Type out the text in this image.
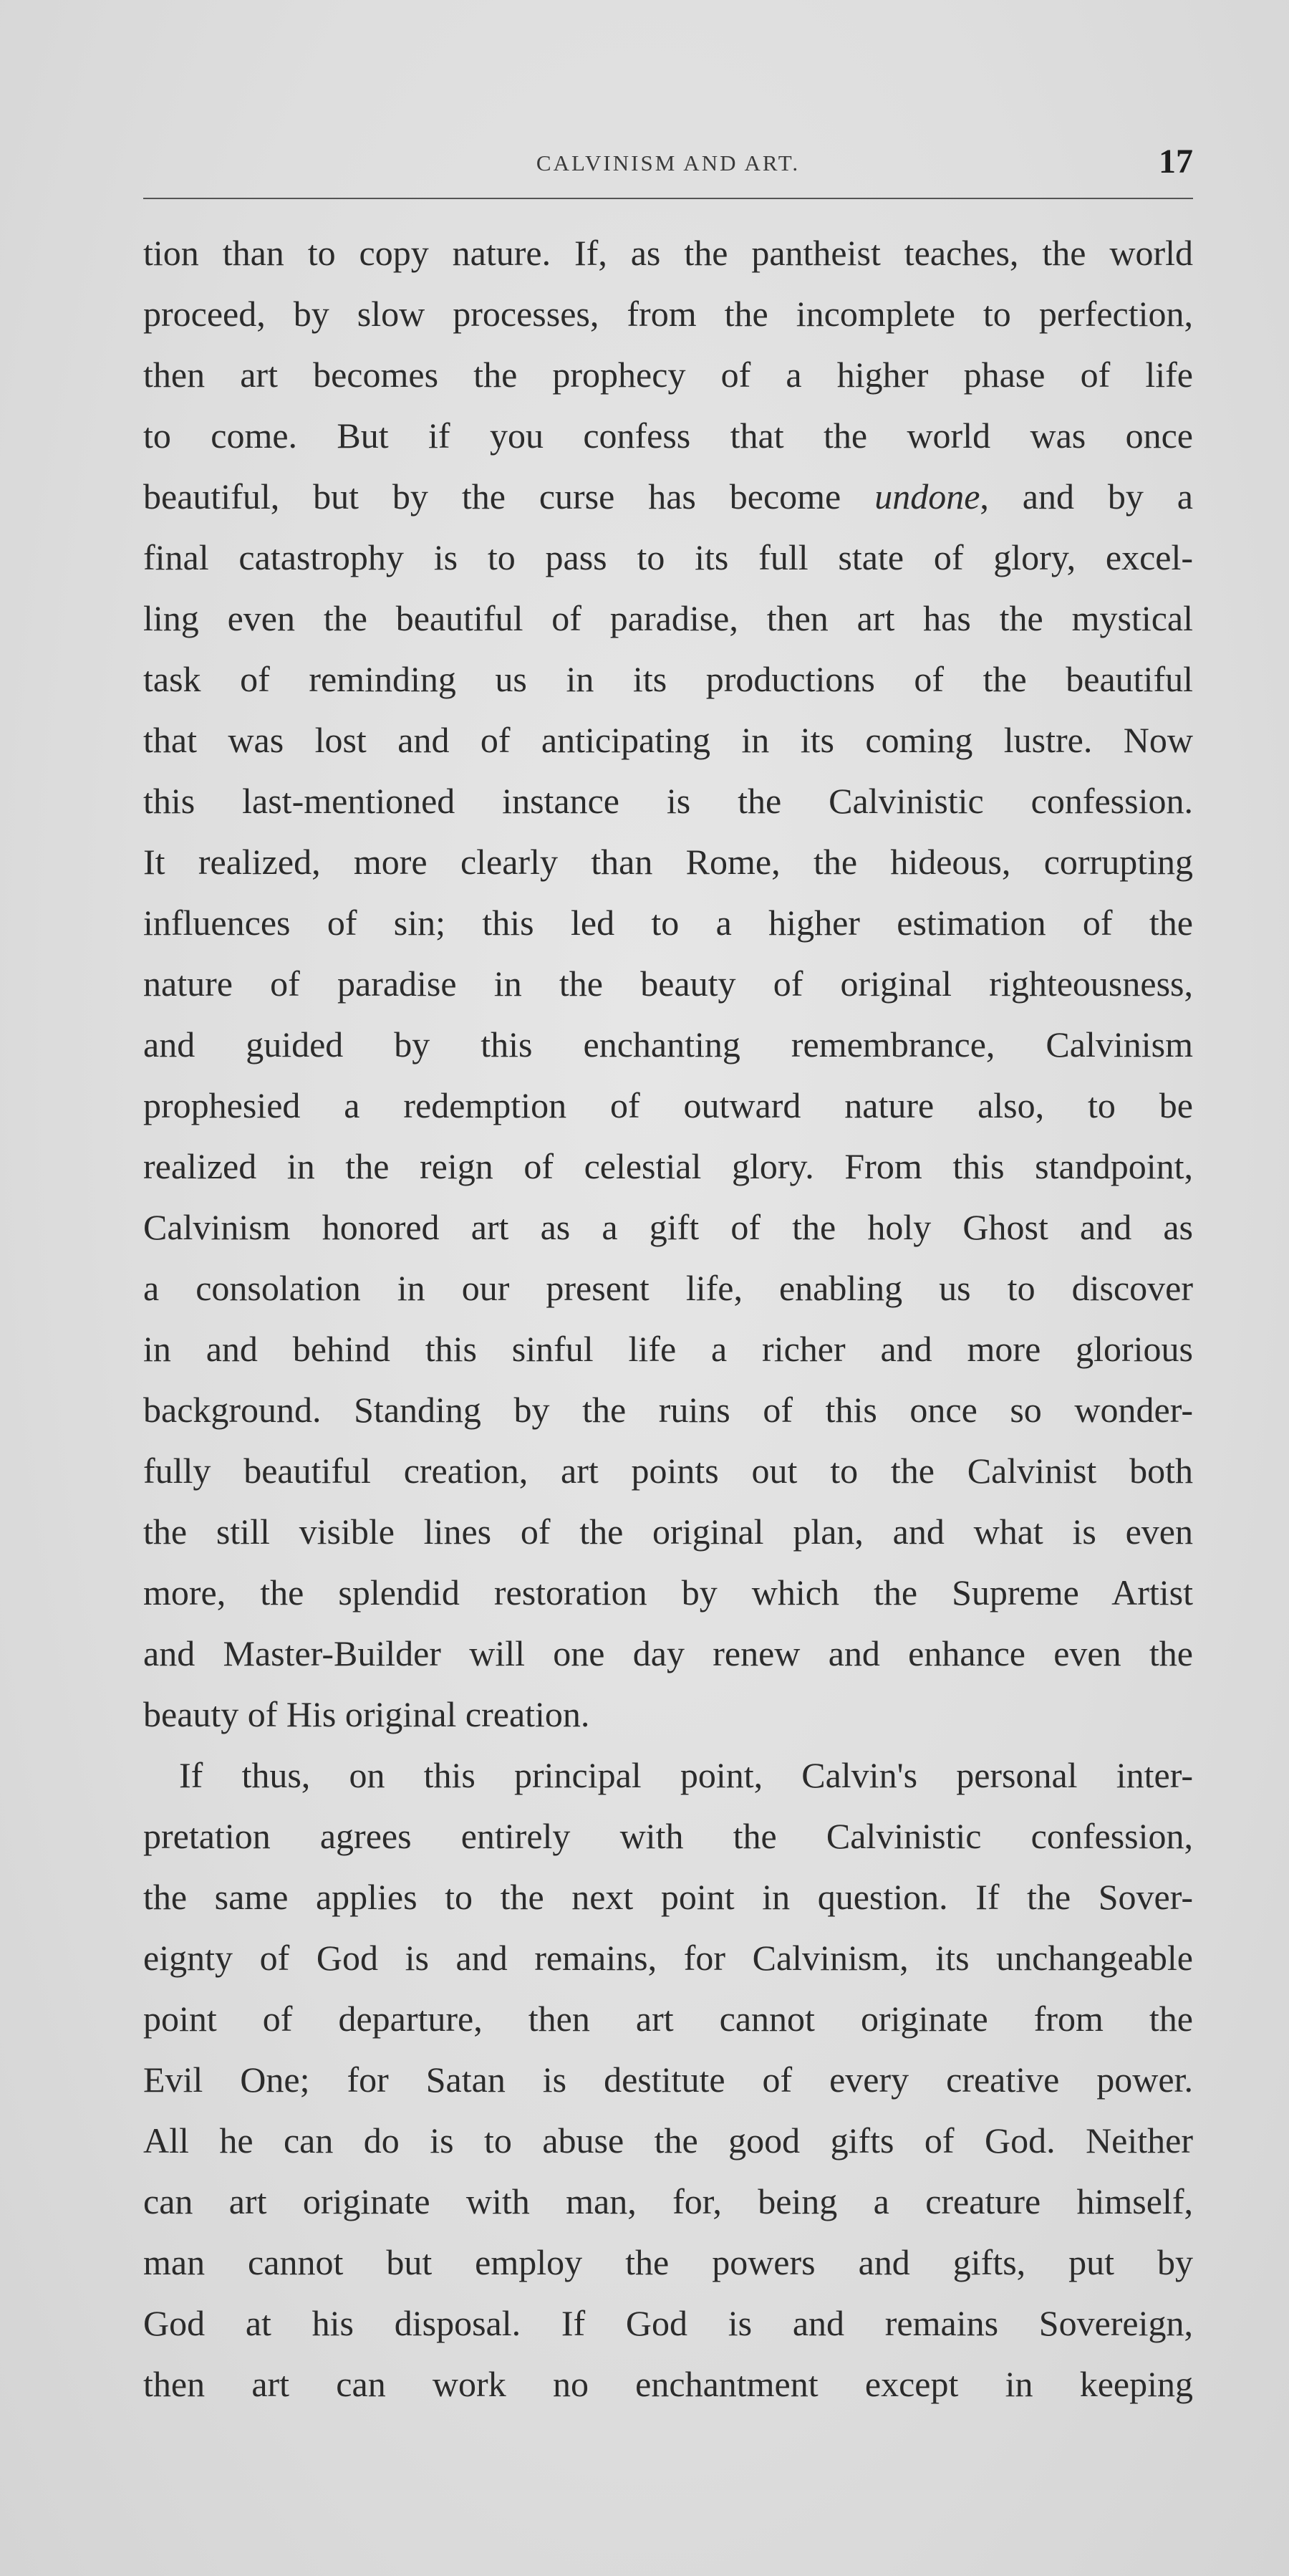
CALVINISM AND ART.	17
tion than to copy nature. If, as the pantheist teaches, the world
proceed, by slow processes, from the incomplete to perfection,
then art becomes the prophecy of a higher phase of life
to come. But if you confess that the world was once
beautiful, but by the curse has become undone, and by a
final catastrophy is to pass to its full state of glory, excel-
ling even the beautiful of paradise, then art has the mystical
task of reminding us in its productions of the beautiful
that was lost and of anticipating in its coming lustre. Now
this last-mentioned instance is the Calvinistic confession.
It realized, more clearly than Rome, the hideous, corrupting
influences of sin; this led to a higher estimation of the
nature of paradise in the beauty of original righteousness,
and guided by this enchanting remembrance, Calvinism
prophesied a redemption of outward nature also, to be
realized in the reign of celestial glory. From this standpoint,
Calvinism honored art as a gift of the holy Ghost and as
a consolation in our present life, enabling us to discover
in and behind this sinful life a richer and more glorious
background. Standing by the ruins of this once so wonder-
fully beautiful creation, art points out to the Calvinist both
the still visible lines of the original plan, and what is even
more, the splendid restoration by which the Supreme Artist
and Master-Builder will one day renew and enhance even the
beauty of His original creation.
If thus, on this principal point, Calvin's personal inter-
pretation agrees entirely with the Calvinistic confession,
the same applies to the next point in question. If the Sover-
eignty of God is and remains, for Calvinism, its unchangeable
point of departure, then art cannot originate from the
Evil One; for Satan is destitute of every creative power.
All he can do is to abuse the good gifts of God. Neither
can art originate with man, for, being a creature himself,
man cannot but employ the powers and gifts, put by
God at his disposal. If God is and remains Sovereign,
then art can work no enchantment except in keeping
